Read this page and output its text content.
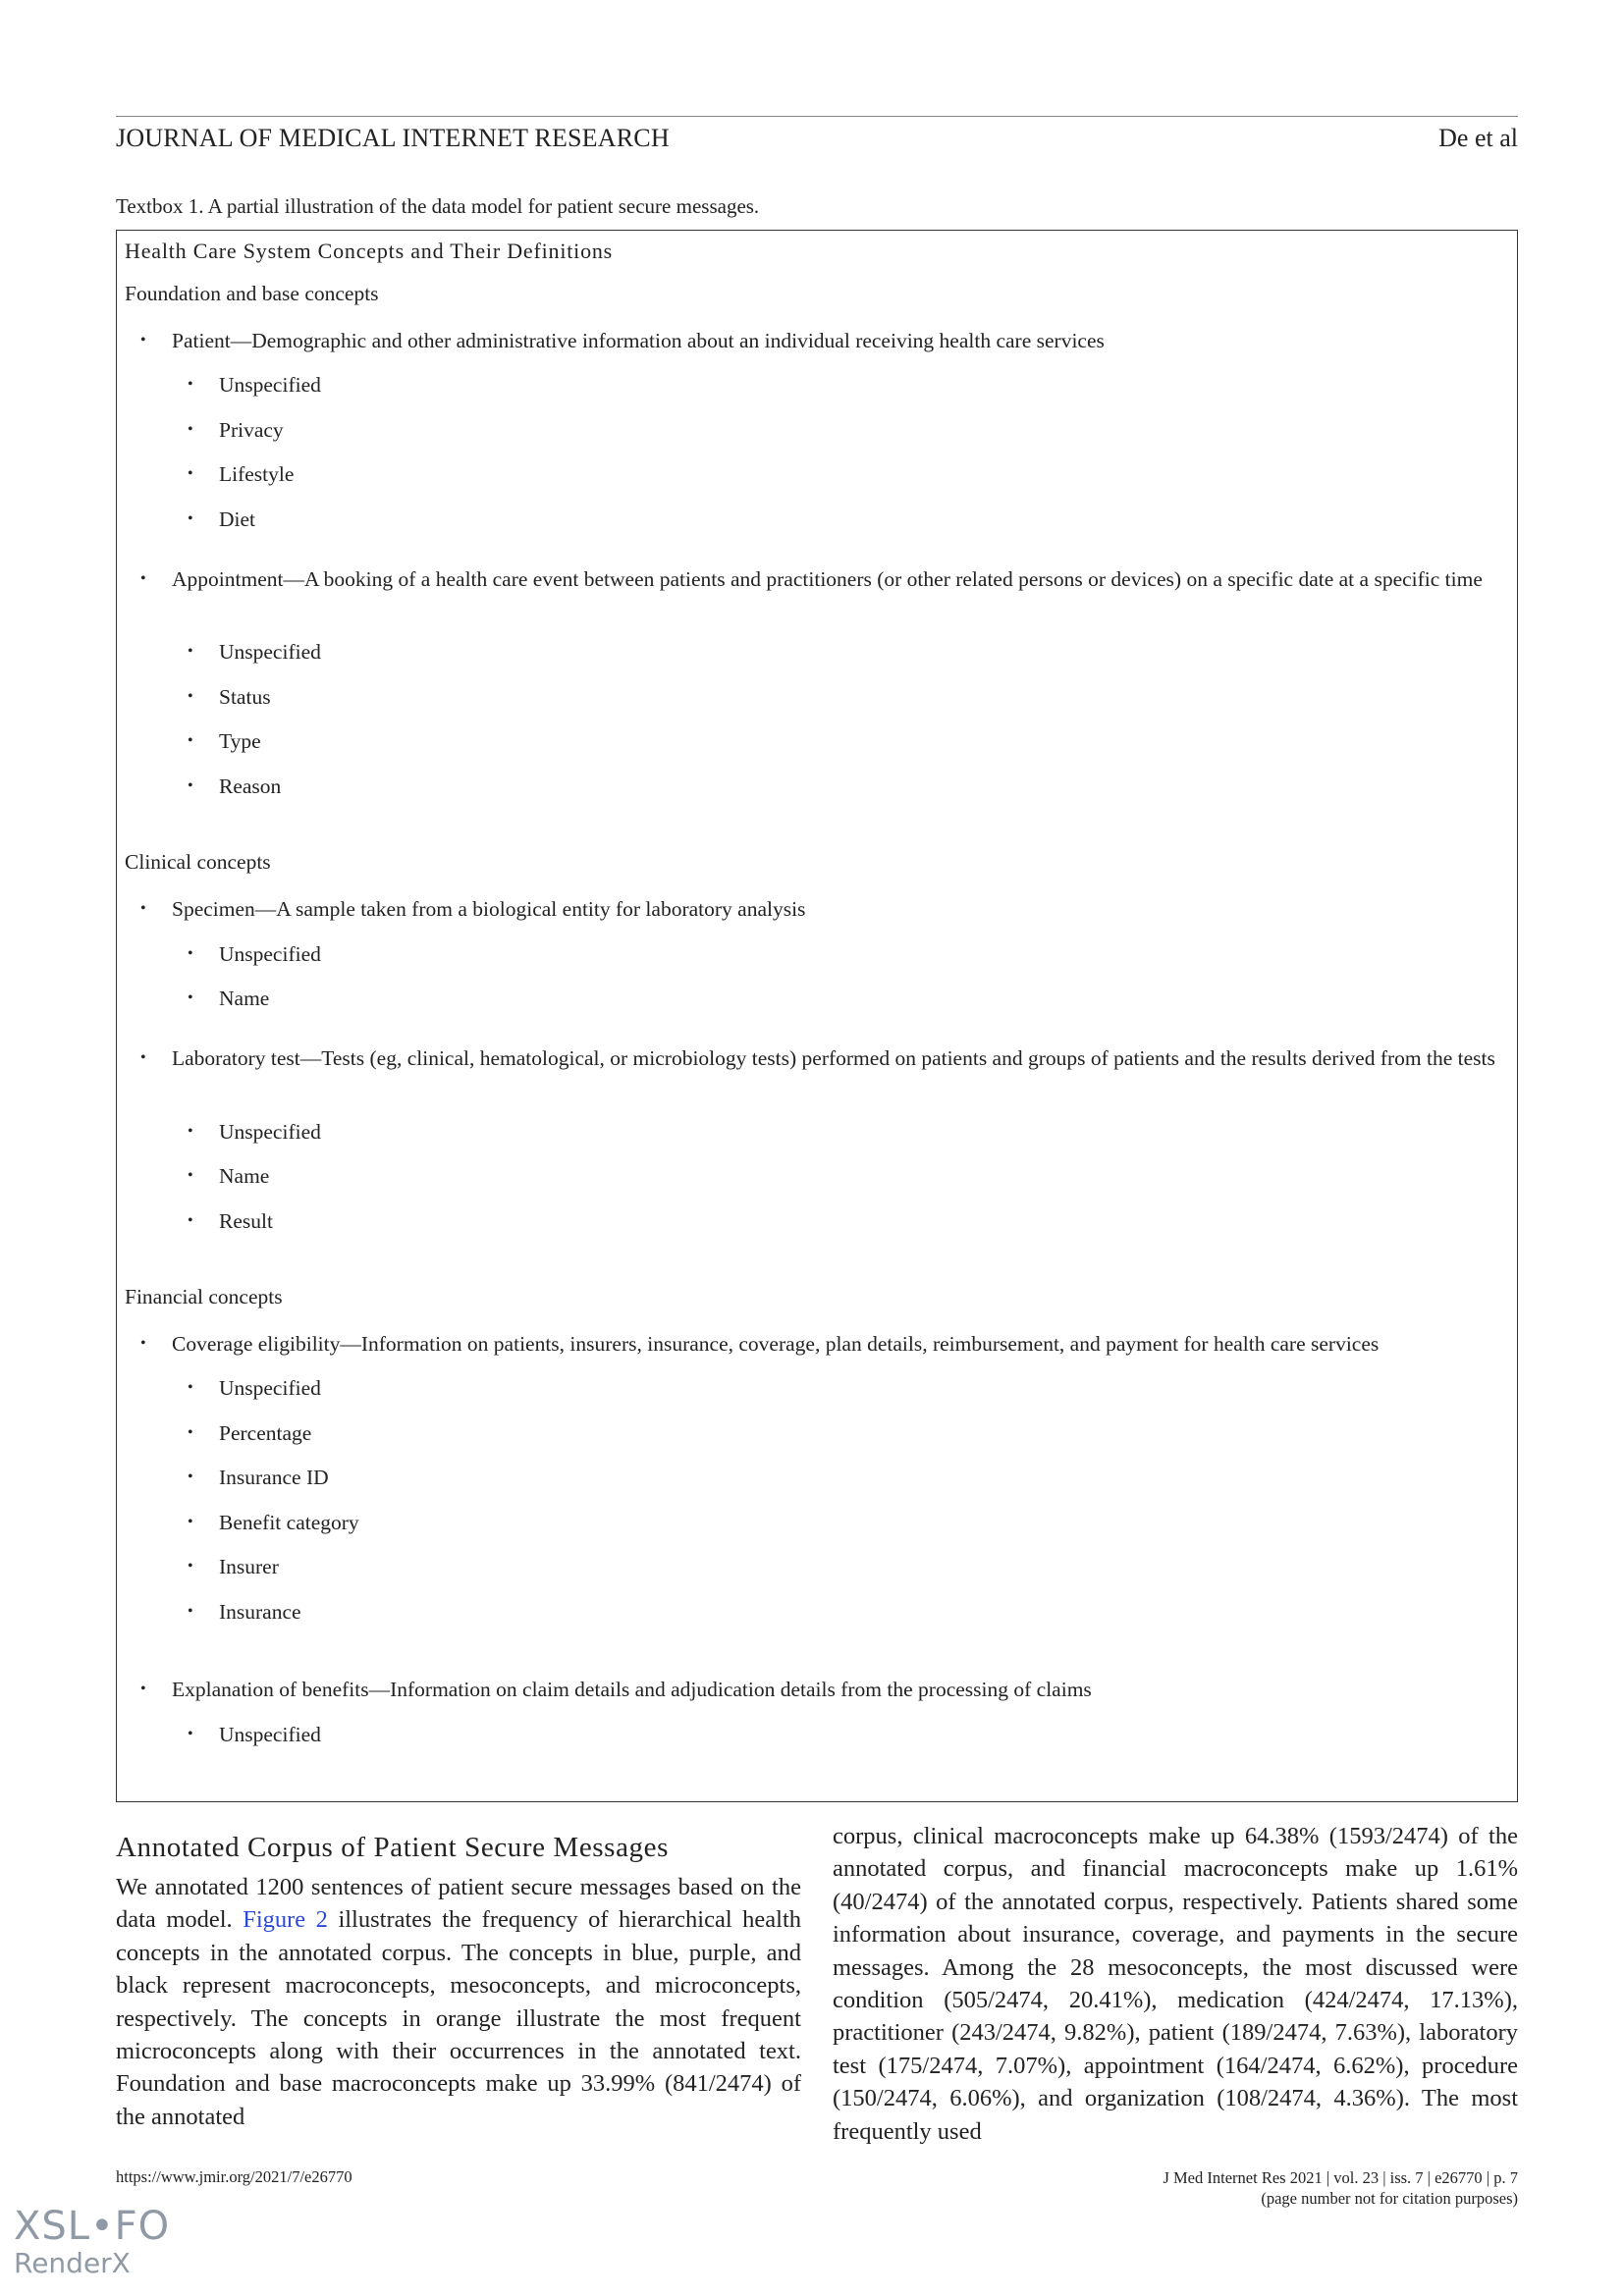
JOURNAL OF MEDICAL INTERNET RESEARCH	De et al
Textbox 1. A partial illustration of the data model for patient secure messages.
Health Care System Concepts and Their Definitions
Foundation and base concepts
• Patient—Demographic and other administrative information about an individual receiving health care services
• Unspecified
• Privacy
• Lifestyle
• Diet
• Appointment—A booking of a health care event between patients and practitioners (or other related persons or devices) on a specific date at a specific time
• Unspecified
• Status
• Type
• Reason
Clinical concepts
• Specimen—A sample taken from a biological entity for laboratory analysis
• Unspecified
• Name
• Laboratory test—Tests (eg, clinical, hematological, or microbiology tests) performed on patients and groups of patients and the results derived from the tests
• Unspecified
• Name
• Result
Financial concepts
• Coverage eligibility—Information on patients, insurers, insurance, coverage, plan details, reimbursement, and payment for health care services
• Unspecified
• Percentage
• Insurance ID
• Benefit category
• Insurer
• Insurance
• Explanation of benefits—Information on claim details and adjudication details from the processing of claims
• Unspecified
Annotated Corpus of Patient Secure Messages
We annotated 1200 sentences of patient secure messages based on the data model. Figure 2 illustrates the frequency of hierarchical health concepts in the annotated corpus. The concepts in blue, purple, and black represent macroconcepts, mesoconcepts, and microconcepts, respectively. The concepts in orange illustrate the most frequent microconcepts along with their occurrences in the annotated text. Foundation and base macroconcepts make up 33.99% (841/2474) of the annotated
corpus, clinical macroconcepts make up 64.38% (1593/2474) of the annotated corpus, and financial macroconcepts make up 1.61% (40/2474) of the annotated corpus, respectively. Patients shared some information about insurance, coverage, and payments in the secure messages. Among the 28 mesoconcepts, the most discussed were condition (505/2474, 20.41%), medication (424/2474, 17.13%), practitioner (243/2474, 9.82%), patient (189/2474, 7.63%), laboratory test (175/2474, 7.07%), appointment (164/2474, 6.62%), procedure (150/2474, 6.06%), and organization (108/2474, 4.36%). The most frequently used
https://www.jmir.org/2021/7/e26770	J Med Internet Res 2021 | vol. 23 | iss. 7 | e26770 | p. 7
(page number not for citation purposes)
XSL•FO
RenderX
